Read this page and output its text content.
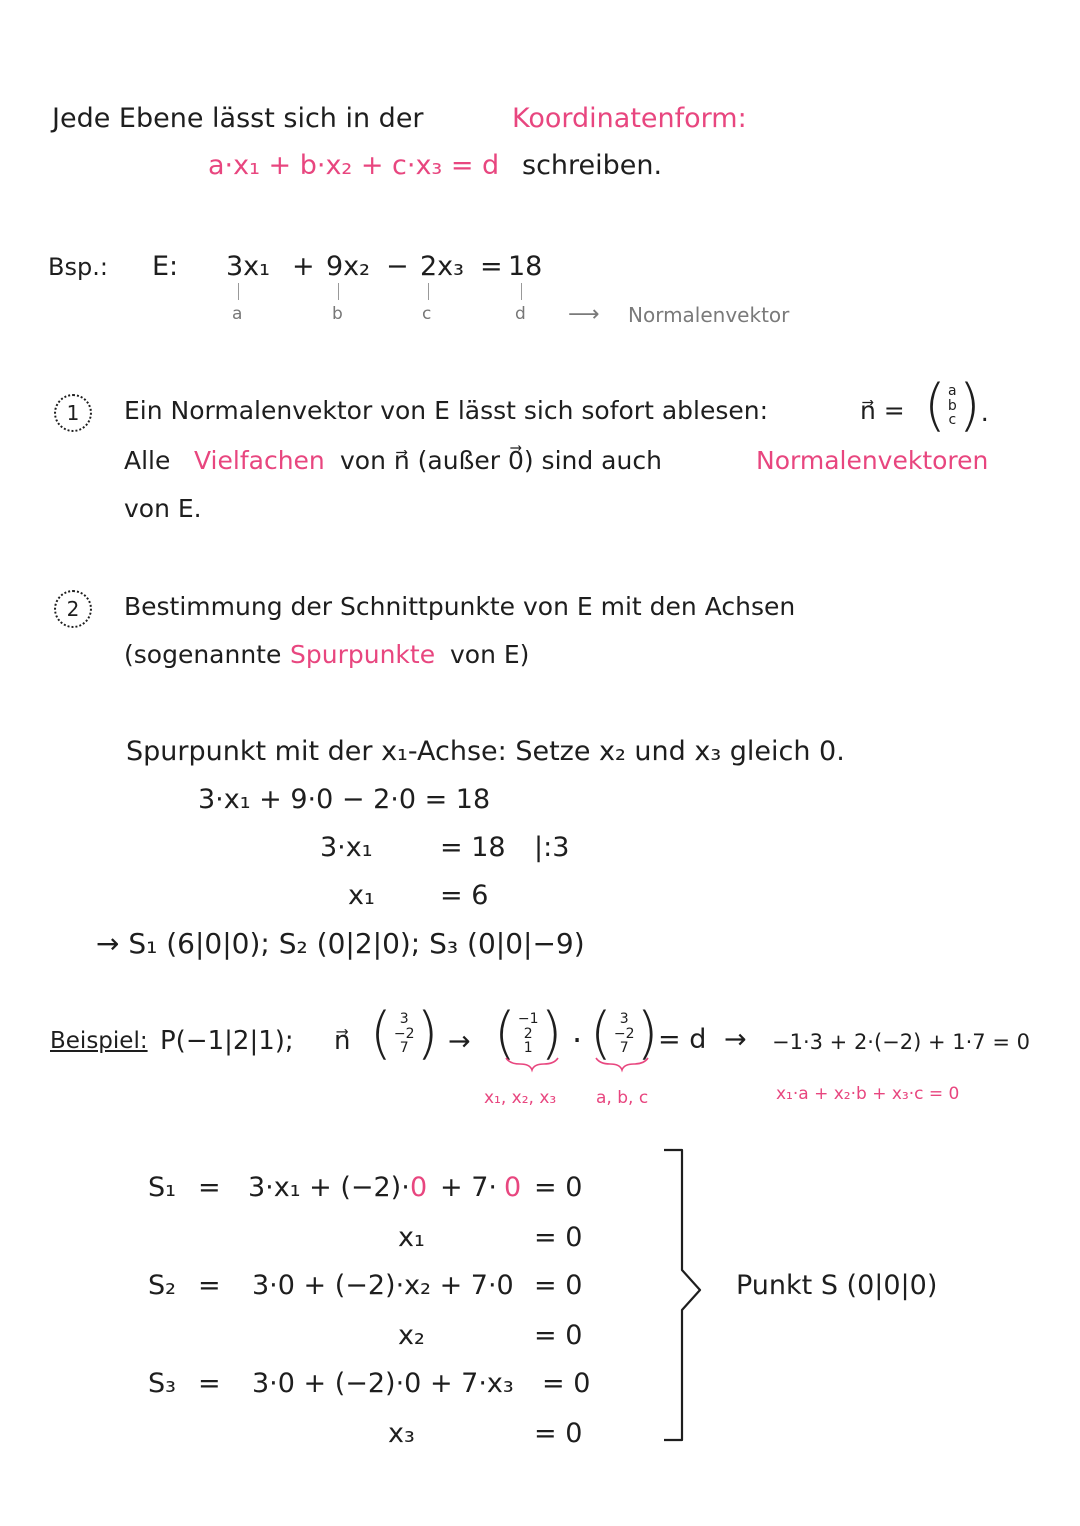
Jede Ebene lässt sich in der	Koordinatenform:
a·x₁ + b·x₂ + c·x₃ = d schreiben.
Bsp.: E: 3x₁ + 9x₂ − 2x₃ = 18
a	b	c	d ⟶ Normalenvektor
1 Ein Normalenvektor von E lässt sich sofort ablesen:	n⃗ = ( a
b
c ) .
Alle Vielfachen von n⃗ (außer 0⃗) sind auch	Normalenvektoren
von E.
2 Bestimmung der Schnittpunkte von E mit den Achsen
(sogenannte Spurpunkte von E)
Spurpunkt mit der x₁-Achse: Setze x₂ und x₃ gleich 0.
3·x₁ + 9·0 − 2·0 = 18
3·x₁ = 18 |:3
x₁ = 6
→ S₁ (6|0|0); S₂ (0|2|0); S₃ (0|0|−9)
Beispiel: P(−1|2|1); n⃗ ( 3
−2
7 ) → ( −1
2
1 ) · ( 3
−2
7 ) = d → −1·3 + 2·(−2) + 1·7 = 0
x₁, x₂, x₃ a, b, c	x₁·a + x₂·b + x₃·c = 0
S₁ = 3·x₁ + (−2)· 0 + 7· 0 = 0
x₁	= 0
S₂ = 3·0 + (−2)·x₂ + 7·0 = 0
x₂	= 0
S₃ = 3·0 + (−2)·0 + 7·x₃ = 0
x₃	= 0
Punkt S (0|0|0)
